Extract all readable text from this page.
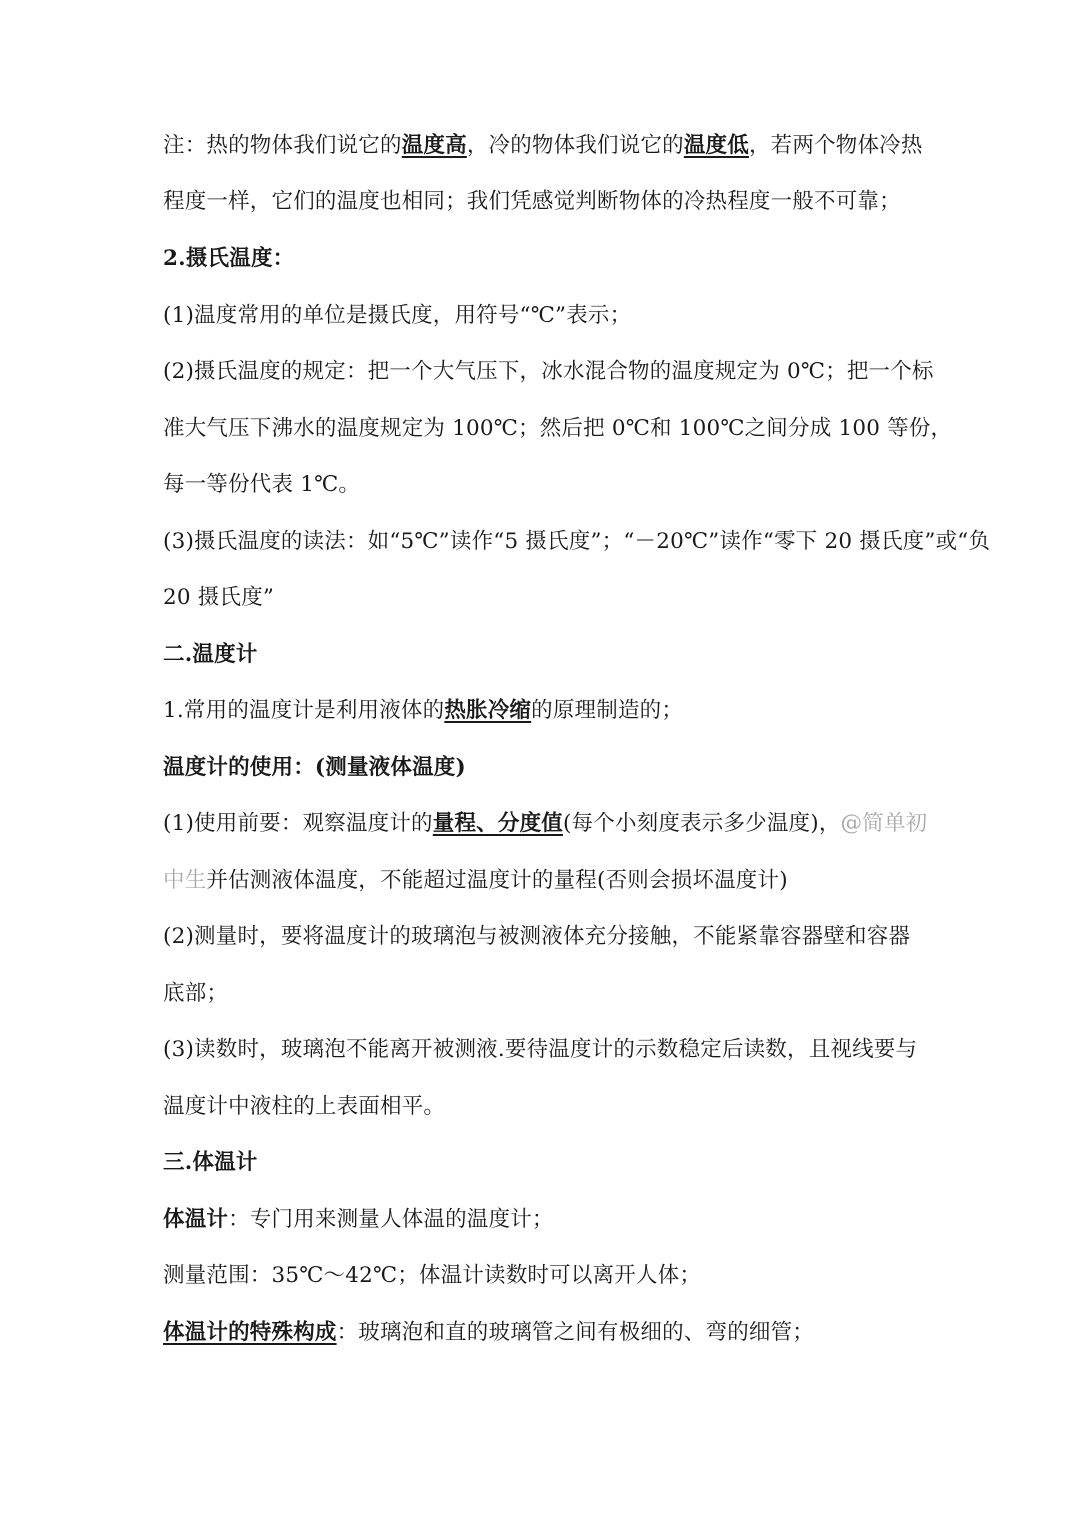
注：热的物体我们说它的温度高，冷的物体我们说它的温度低，若两个物体冷热
程度一样，它们的温度也相同；我们凭感觉判断物体的冷热程度一般不可靠；
2.摄氏温度：
(1)温度常用的单位是摄氏度，用符号“℃”表示；
(2)摄氏温度的规定：把一个大气压下，冰水混合物的温度规定为 0℃；把一个标
准大气压下沸水的温度规定为 100℃；然后把 0℃和 100℃之间分成 100 等份，
每一等份代表 1℃。
(3)摄氏温度的读法：如“5℃”读作“5 摄氏度”；“－20℃”读作“零下 20 摄氏度”或“负
20 摄氏度”
二.温度计
1.常用的温度计是利用液体的热胀冷缩的原理制造的；
温度计的使用：(测量液体温度)
(1)使用前要：观察温度计的量程、分度值(每个小刻度表示多少温度)，@简单初
中生并估测液体温度，不能超过温度计的量程(否则会损坏温度计)
(2)测量时，要将温度计的玻璃泡与被测液体充分接触，不能紧靠容器壁和容器
底部；
(3)读数时，玻璃泡不能离开被测液.要待温度计的示数稳定后读数，且视线要与
温度计中液柱的上表面相平。
三.体温计
体温计：专门用来测量人体温的温度计；
测量范围：35℃～42℃；体温计读数时可以离开人体；
体温计的特殊构成：玻璃泡和直的玻璃管之间有极细的、弯的细管；
